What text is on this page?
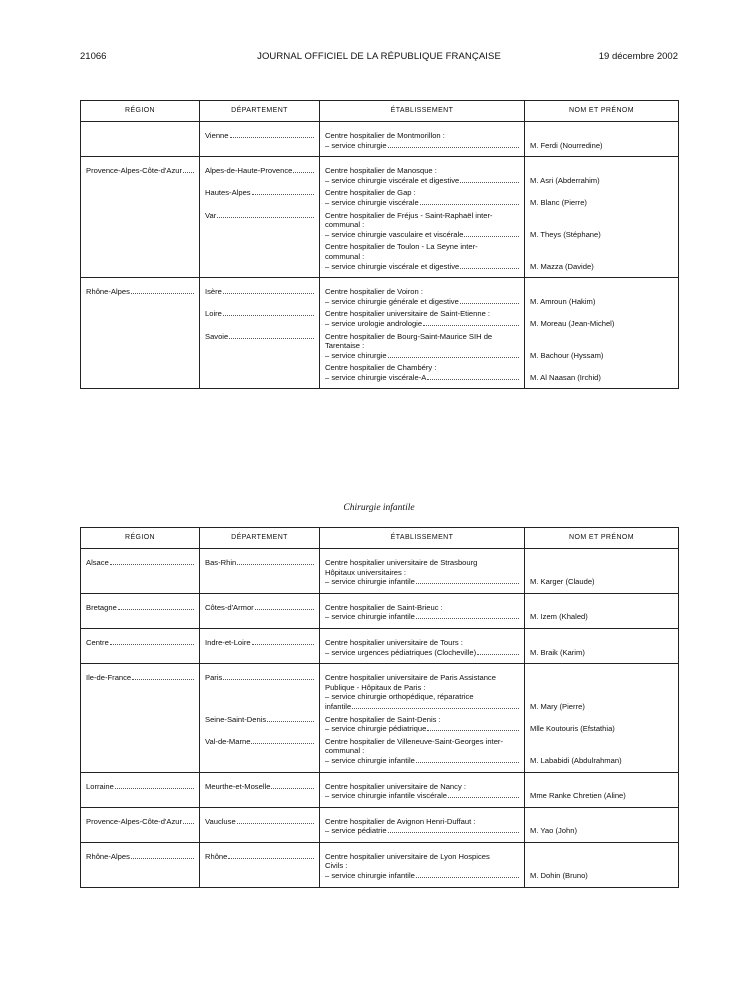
21066	JOURNAL OFFICIEL DE LA RÉPUBLIQUE FRANÇAISE	19 décembre 2002
RÉGION	DÉPARTEMENT	ÉTABLISSEMENT	NOM ET PRÉNOM

	Vienne	Centre hospitalier de Montmorillon :
– service chirurgie	M. Ferdi (Nourredine)

Provence-Alpes-Côte-d'Azur	Alpes-de-Haute-Provence	Centre hospitalier de Manosque :
– service chirurgie viscérale et digestive	M. Asri (Abderrahim)

	Hautes-Alpes	Centre hospitalier de Gap :
– service chirurgie viscérale	M. Blanc (Pierre)

	Var	Centre hospitalier de Fréjus - Saint-Raphaël inter-
communal :
– service chirurgie vasculaire et viscérale	M. Theys (Stéphane)

		Centre hospitalier de Toulon - La Seyne inter-
communal :
– service chirurgie viscérale et digestive	M. Mazza (Davide)

Rhône-Alpes	Isère	Centre hospitalier de Voiron :
– service chirurgie générale et digestive	M. Amroun (Hakim)

	Loire	Centre hospitalier universitaire de Saint-Etienne :
– service urologie andrologie	M. Moreau (Jean-Michel)

	Savoie	Centre hospitalier de Bourg-Saint-Maurice SIH de
Tarentaise :
– service chirurgie	M. Bachour (Hyssam)

		Centre hospitalier de Chambéry :
– service chirurgie viscérale-A	M. Al Naasan (Irchid)
Chirurgie infantile
RÉGION	DÉPARTEMENT	ÉTABLISSEMENT	NOM ET PRÉNOM

Alsace	Bas-Rhin	Centre hospitalier universitaire de Strasbourg
Hôpitaux universitaires :
– service chirurgie infantile	M. Karger (Claude)

Bretagne	Côtes-d'Armor	Centre hospitalier de Saint-Brieuc :
– service chirurgie infantile	M. Izem (Khaled)

Centre	Indre-et-Loire	Centre hospitalier universitaire de Tours :
– service urgences pédiatriques (Clocheville)	M. Braik (Karim)

Ile-de-France	Paris	Centre hospitalier universitaire de Paris Assistance
Publique - Hôpitaux de Paris :
– service chirurgie orthopédique, réparatrice
infantile	M. Mary (Pierre)

	Seine-Saint-Denis	Centre hospitalier de Saint-Denis :
– service chirurgie pédiatrique	Mlle Koutouris (Efstathia)

	Val-de-Marne	Centre hospitalier de Villeneuve-Saint-Georges inter-
communal :
– service chirurgie infantile	M. Lababidi (Abdulrahman)

Lorraine	Meurthe-et-Moselle	Centre hospitalier universitaire de Nancy :
– service chirurgie infantile viscérale	Mme Ranke Chretien (Aline)

Provence-Alpes-Côte-d'Azur	Vaucluse	Centre hospitalier de Avignon Henri-Duffaut :
– service pédiatrie	M. Yao (John)

Rhône-Alpes	Rhône	Centre hospitalier universitaire de Lyon Hospices
Civils :
– service chirurgie infantile	M. Dohin (Bruno)
